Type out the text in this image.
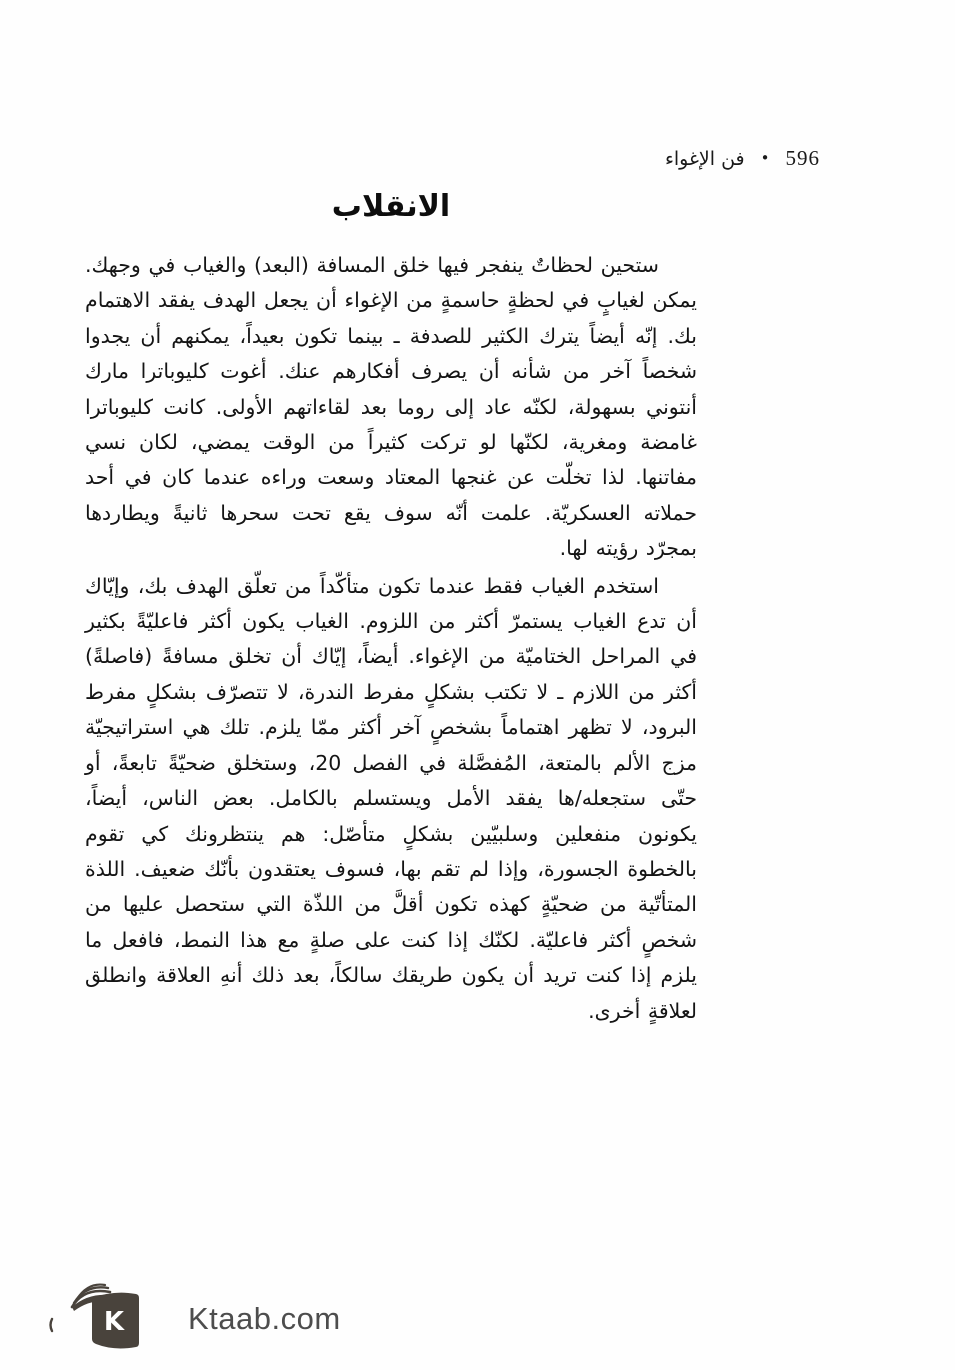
596
•
فن الإغواء
الانقلاب

ستحين لحظاتٌ ينفجر فيها خلق المسافة (البعد) والغياب في وجهك. يمكن لغيابٍ في لحظةٍ حاسمةٍ من الإغواء أن يجعل الهدف يفقد الاهتمام بك. إنّه أيضاً يترك الكثير للصدفة ـ بينما تكون بعيداً، يمكنهم أن يجدوا شخصاً آخر من شأنه أن يصرف أفكارهم عنك. أغوت كليوباترا مارك أنتوني بسهولة، لكنّه عاد إلى روما بعد لقاءاتهم الأولى. كانت كليوباترا غامضة ومغرية، لكنّها لو تركت كثيراً من الوقت يمضي، لكان نسي مفاتنها. لذا تخلّت عن غنجها المعتاد وسعت وراءه عندما كان في أحد حملاته العسكريّة. علمت أنّه سوف يقع تحت سحرها ثانيةً ويطاردها بمجرّد رؤيته لها.

استخدم الغياب فقط عندما تكون متأكّداً من تعلّق الهدف بك، وإيّاك أن تدع الغياب يستمرّ أكثر من اللزوم. الغياب يكون أكثر فاعليّةً بكثير في المراحل الختاميّة من الإغواء. أيضاً، إيّاك أن تخلق مسافةً (فاصلةً) أكثر من اللازم ـ لا تكتب بشكلٍ مفرط الندرة، لا تتصرّف بشكلٍ مفرط البرود، لا تظهر اهتماماً بشخصٍ آخر أكثر ممّا يلزم. تلك هي استراتيجيّة مزج الألم بالمتعة، المُفصَّلة في الفصل 20، وستخلق ضحيّةً تابعةً، أو حتّى ستجعله/ها يفقد الأمل ويستسلم بالكامل. بعض الناس، أيضاً، يكونون منفعلين وسلبيّين بشكلٍ متأصّل: هم ينتظرونك كي تقوم بالخطوة الجسورة، وإذا لم تقم بها، فسوف يعتقدون بأنّك ضعيف. اللذة المتأتّية من ضحيّةٍ كهذه تكون أقلَّ من اللذّة التي ستحصل عليها من شخصٍ أكثر فاعليّة. لكنّك إذا كنت على صلةٍ مع هذا النمط، فافعل ما يلزم إذا كنت تريد أن يكون طريقك سالكاً، بعد ذلك أنهِ العلاقة وانطلق لعلاقةٍ أخرى.

K Ktaab.com
